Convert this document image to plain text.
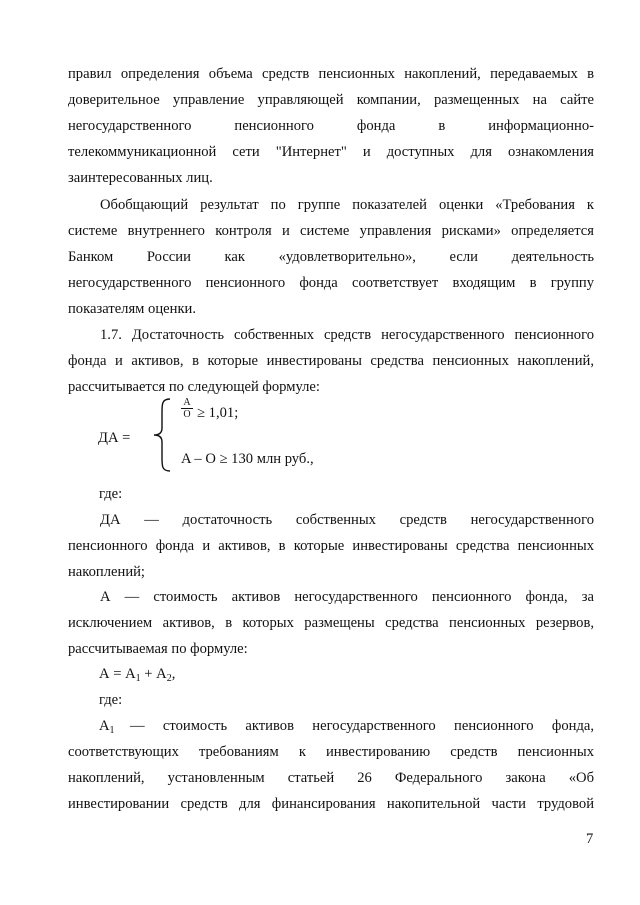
правил определения объема средств пенсионных накоплений, передаваемых в
доверительное управление управляющей компании, размещенных на сайте
негосударственного пенсионного фонда в информационно-
телекоммуникационной сети "Интернет" и доступных для ознакомления
заинтересованных лиц.
Обобщающий результат по группе показателей оценки «Требования к
системе внутреннего контроля и системе управления рисками» определяется
Банком России как «удовлетворительно», если деятельность
негосударственного пенсионного фонда соответствует входящим в группу
показателям оценки.
1.7. Достаточность собственных средств негосударственного пенсионного
фонда и активов, в которые инвестированы средства пенсионных накоплений,
рассчитывается по следующей формуле:
ДА =
$\frac{A}{O} \ge 1,01$;
A – O ≥ 130 млн руб.,
где:
ДА — достаточность собственных средств негосударственного
пенсионного фонда и активов, в которые инвестированы средства пенсионных
накоплений;
А — стоимость активов негосударственного пенсионного фонда, за
исключением активов, в которых размещены средства пенсионных резервов,
рассчитываемая по формуле:
$А = А_1 + А_2$,
где:
$А_1$ — стоимость активов негосударственного пенсионного фонда,
соответствующих требованиям к инвестированию средств пенсионных
накоплений, установленным статьей 26 Федерального закона «Об
инвестировании средств для финансирования накопительной части трудовой
7
